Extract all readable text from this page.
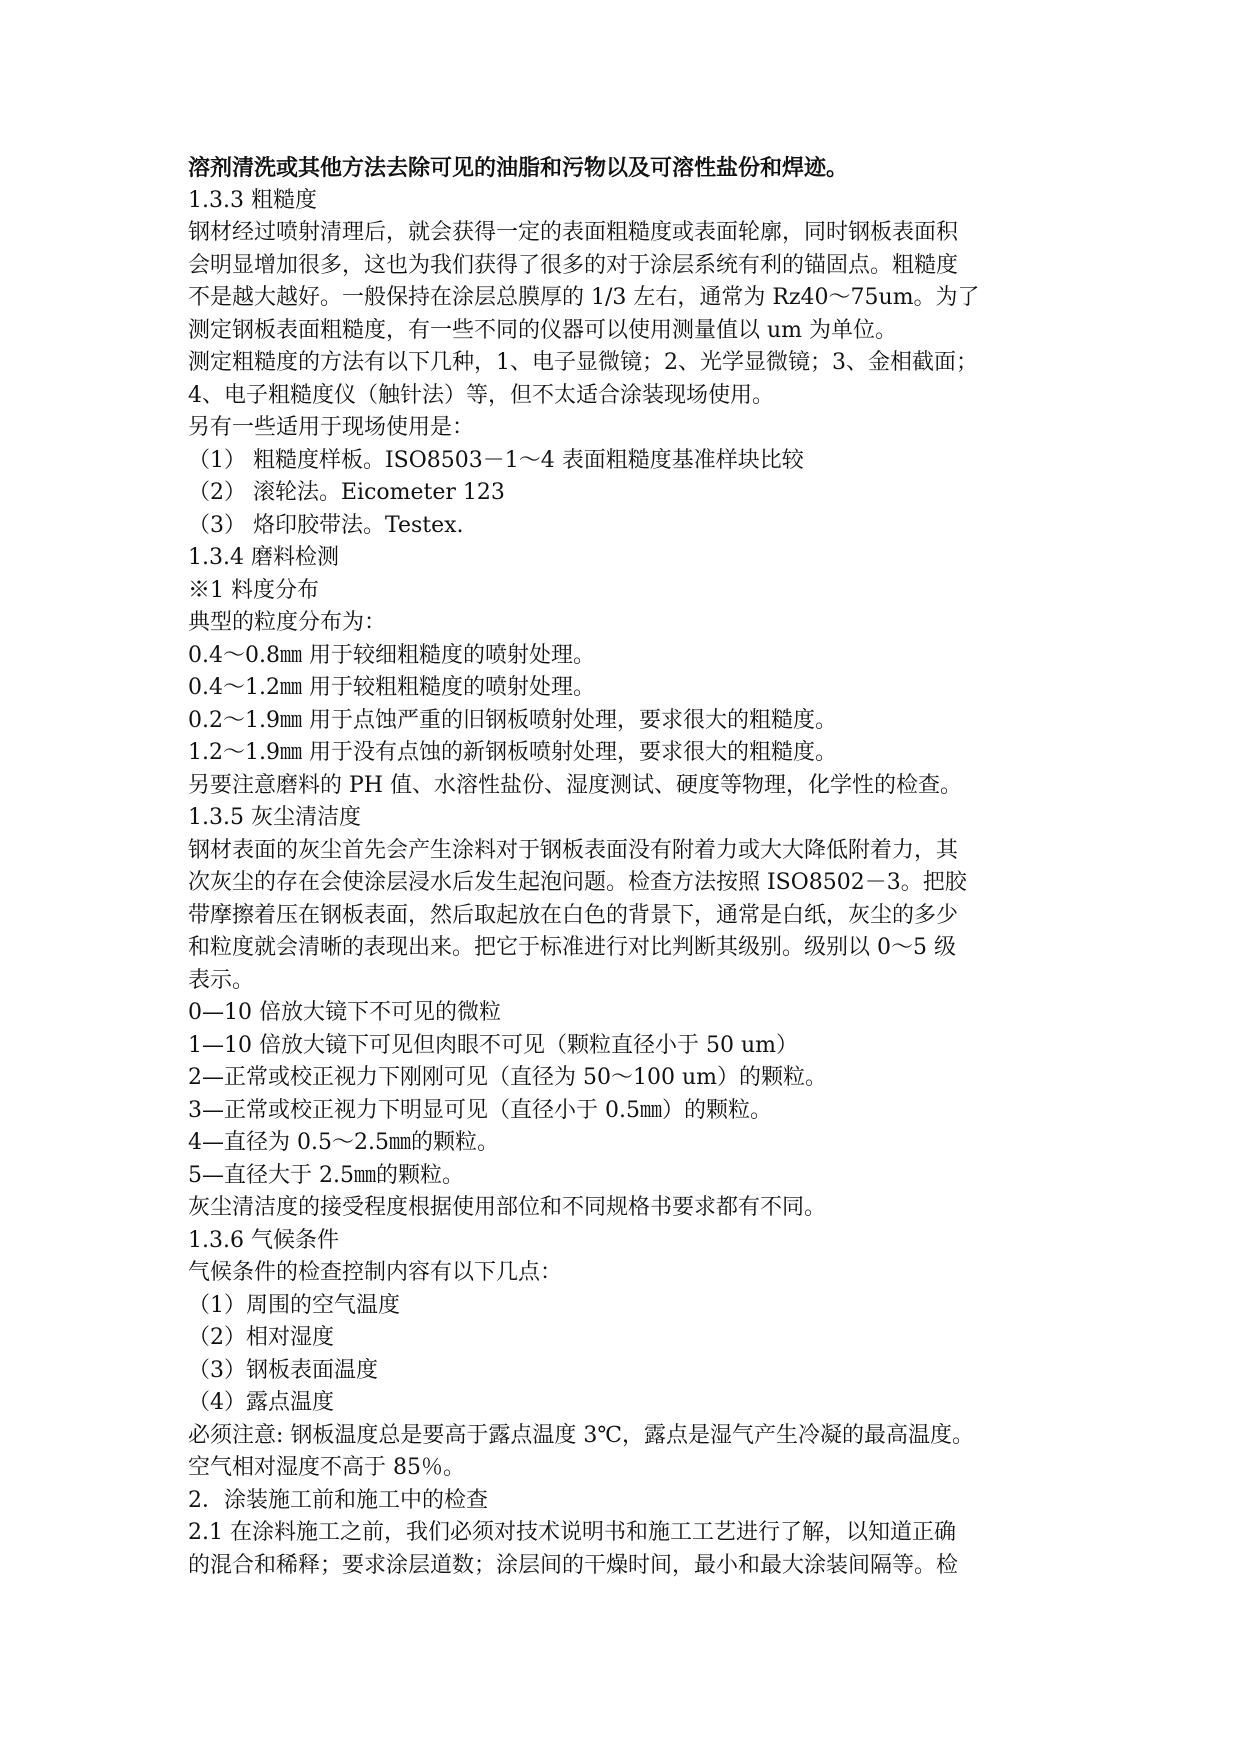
溶剂清洗或其他方法去除可见的油脂和污物以及可溶性盐份和焊迹。
1.3.3 粗糙度
钢材经过喷射清理后，就会获得一定的表面粗糙度或表面轮廓，同时钢板表面积
会明显增加很多，这也为我们获得了很多的对于涂层系统有利的锚固点。粗糙度
不是越大越好。一般保持在涂层总膜厚的 1/3 左右，通常为 Rz40～75um。为了
测定钢板表面粗糙度，有一些不同的仪器可以使用测量值以 um 为单位。
测定粗糙度的方法有以下几种，1、电子显微镜；2、光学显微镜；3、金相截面；
4、电子粗糙度仪（触针法）等，但不太适合涂装现场使用。
另有一些适用于现场使用是：
（1） 粗糙度样板。ISO8503－1～4 表面粗糙度基准样块比较
（2） 滚轮法。Eicometer 123
（3） 烙印胶带法。Testex.
1.3.4 磨料检测
※1 料度分布
典型的粒度分布为：
0.4～0.8㎜ 用于较细粗糙度的喷射处理。
0.4～1.2㎜ 用于较粗粗糙度的喷射处理。
0.2～1.9㎜ 用于点蚀严重的旧钢板喷射处理，要求很大的粗糙度。
1.2～1.9㎜ 用于没有点蚀的新钢板喷射处理，要求很大的粗糙度。
另要注意磨料的 PH 值、水溶性盐份、湿度测试、硬度等物理，化学性的检查。
1.3.5 灰尘清洁度
钢材表面的灰尘首先会产生涂料对于钢板表面没有附着力或大大降低附着力，其
次灰尘的存在会使涂层浸水后发生起泡问题。检查方法按照 ISO8502－3。把胶
带摩擦着压在钢板表面，然后取起放在白色的背景下，通常是白纸，灰尘的多少
和粒度就会清晰的表现出来。把它于标准进行对比判断其级别。级别以 0～5 级
表示。
0—10 倍放大镜下不可见的微粒
1—10 倍放大镜下可见但肉眼不可见（颗粒直径小于 50 um）
2—正常或校正视力下刚刚可见（直径为 50～100 um）的颗粒。
3—正常或校正视力下明显可见（直径小于 0.5㎜）的颗粒。
4—直径为 0.5～2.5㎜的颗粒。
5—直径大于 2.5㎜的颗粒。
灰尘清洁度的接受程度根据使用部位和不同规格书要求都有不同。
1.3.6 气候条件
气候条件的检查控制内容有以下几点：
（1）周围的空气温度
（2）相对湿度
（3）钢板表面温度
（4）露点温度
必须注意: 钢板温度总是要高于露点温度 3℃，露点是湿气产生冷凝的最高温度。
空气相对湿度不高于 85％。
2．涂装施工前和施工中的检查
2.1 在涂料施工之前，我们必须对技术说明书和施工工艺进行了解，以知道正确
的混合和稀释；要求涂层道数；涂层间的干燥时间，最小和最大涂装间隔等。检
